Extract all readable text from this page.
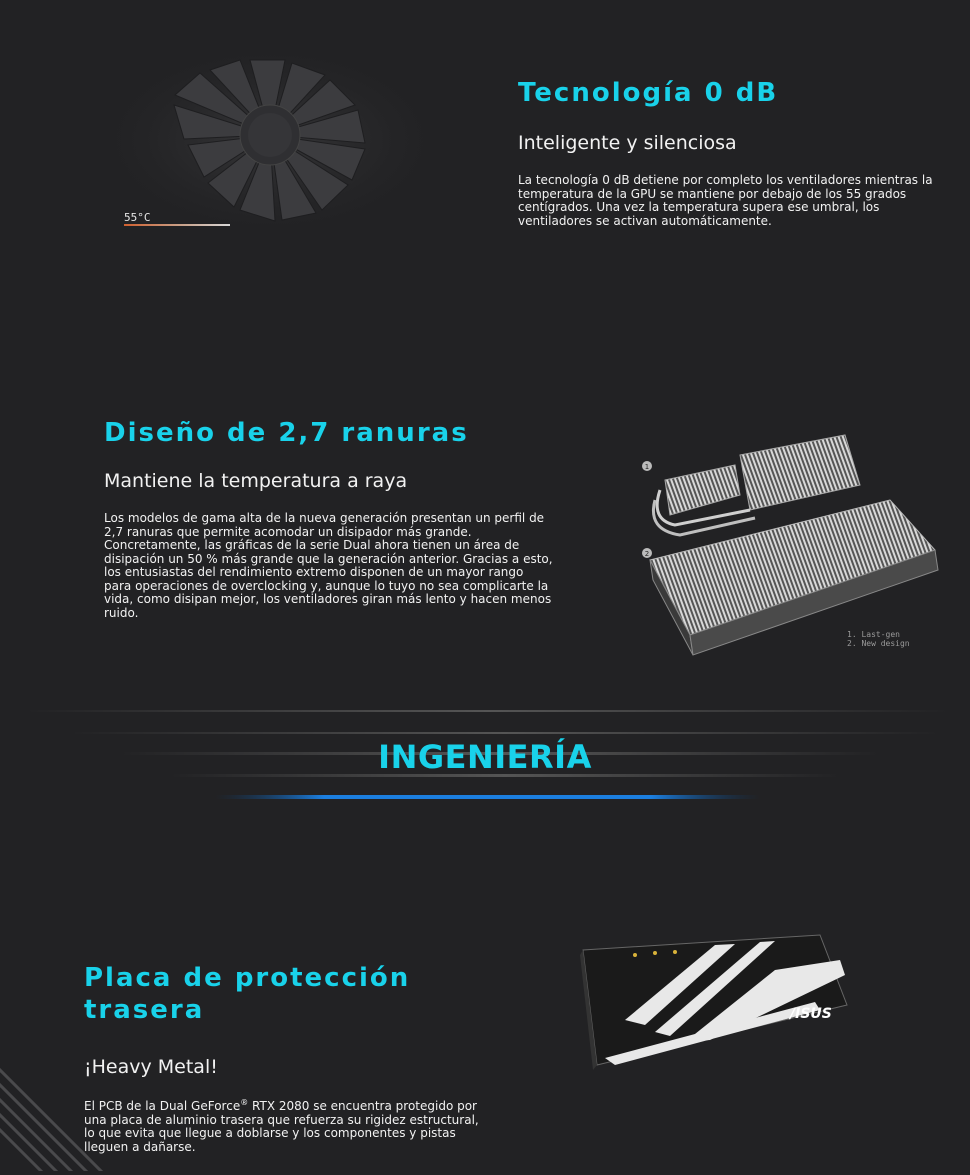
55°C
Tecnología 0 dB
Inteligente y silenciosa

La tecnología 0 dB detiene por completo los ventiladores mientras la temperatura de la GPU se mantiene por debajo de los 55 grados centígrados. Una vez la temperatura supera ese umbral, los ventiladores se activan automáticamente.

Diseño de 2,7 ranuras
Mantiene la temperatura a raya

Los modelos de gama alta de la nueva generación presentan un perfil de 2,7 ranuras que permite acomodar un disipador más grande. Concretamente, las gráficas de la serie Dual ahora tienen un área de disipación un 50 % más grande que la generación anterior. Gracias a esto, los entusiastas del rendimiento extremo disponen de un mayor rango para operaciones de overclocking y, aunque lo tuyo no sea complicarte la vida, como disipan mejor, los ventiladores giran más lento y hacen menos ruido.

1
2
1. Last-gen
2. New design
INGENIERÍA
Placa de protección
trasera
¡Heavy Metal!

El PCB de la Dual GeForce® RTX 2080 se encuentra protegido por una placa de aluminio trasera que refuerza su rigidez estructural, lo que evita que llegue a doblarse y los componentes y pistas lleguen a dañarse.

/ISUS
